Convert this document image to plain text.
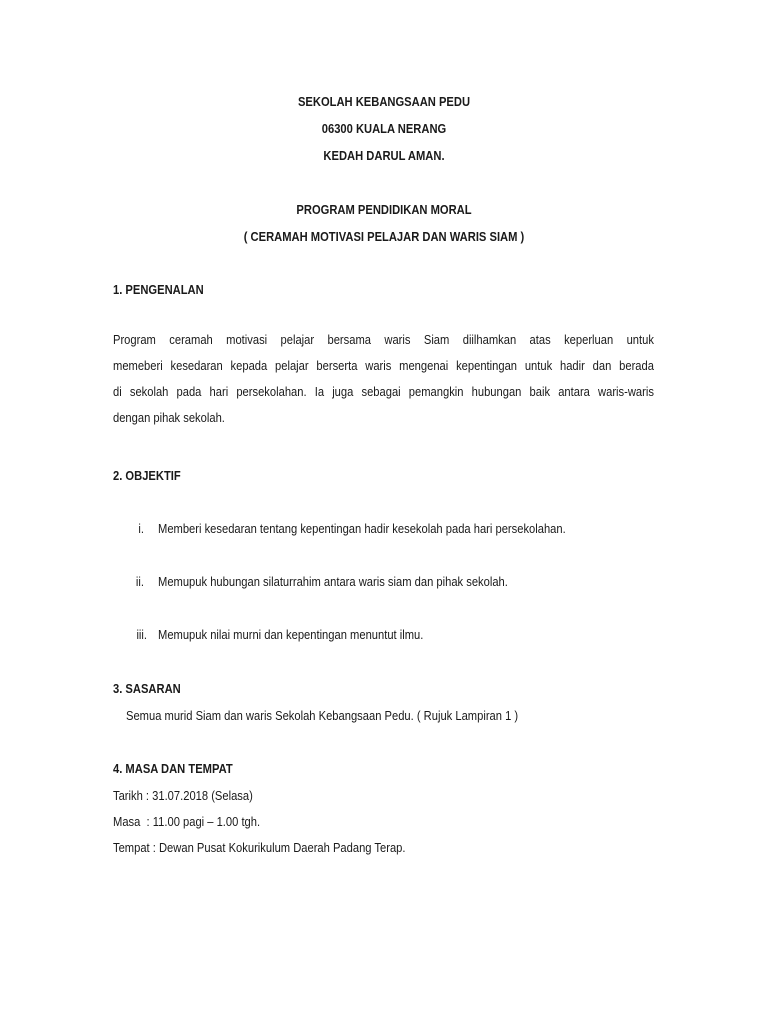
SEKOLAH KEBANGSAAN PEDU
06300 KUALA NERANG
KEDAH DARUL AMAN.
PROGRAM PENDIDIKAN MORAL
( CERAMAH MOTIVASI PELAJAR DAN WARIS SIAM )
1. PENGENALAN
Program ceramah motivasi pelajar bersama waris Siam diilhamkan atas keperluan untuk
memeberi kesedaran kepada pelajar berserta waris mengenai kepentingan untuk hadir dan berada
di sekolah pada hari persekolahan. Ia juga sebagai pemangkin hubungan baik antara waris-waris
dengan pihak sekolah.
2. OBJEKTIF
i. Memberi kesedaran tentang kepentingan hadir kesekolah pada hari persekolahan.
ii. Memupuk hubungan silaturrahim antara waris siam dan pihak sekolah.
iii. Memupuk nilai murni dan kepentingan menuntut ilmu.
3. SASARAN
Semua murid Siam dan waris Sekolah Kebangsaan Pedu. ( Rujuk Lampiran 1 )
4. MASA DAN TEMPAT
Tarikh : 31.07.2018 (Selasa)
Masa  : 11.00 pagi – 1.00 tgh.
Tempat : Dewan Pusat Kokurikulum Daerah Padang Terap.
